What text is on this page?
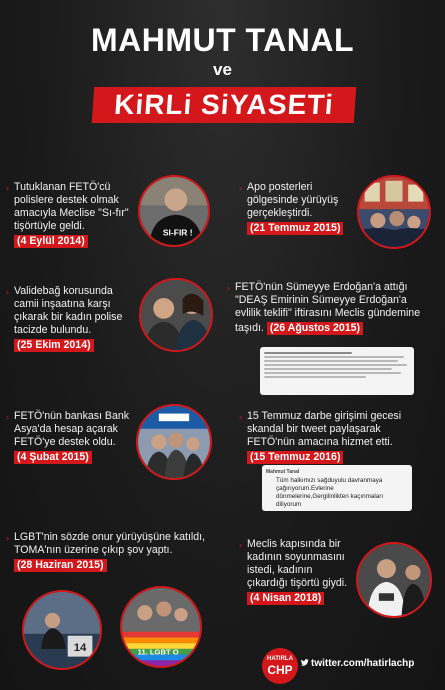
MAHMUT TANAL
ve
KiRLi SiYASETi
› Tutuklanan FETÖ'cü polislere destek olmak amacıyla Meclise "Sı-fır" tişörtüyle geldi.
(4 Eylül 2014)
SI-FIR !
› Apo posterleri gölgesinde yürüyüş gerçekleştirdi.
(21 Temmuz 2015)
› Validebağ korusunda camii inşaatına karşı çıkarak bir kadın polise tacizde bulundu.
(25 Ekim 2014)
› FETÖ'nün Sümeyye Erdoğan'a attığı "DEAŞ Emirinin Sümeyye Erdoğan'a evlilik teklifi" iftirasını Meclis gündemine taşıdı. (26 Ağustos 2015)
› FETÖ'nün bankası Bank Asya'da hesap açarak FETÖ'ye destek oldu.
(4 Şubat 2015)
› 15 Temmuz darbe girişimi gecesi skandal bir tweet paylaşarak FETÖ'nün amacına hizmet etti.
(15 Temmuz 2016)
Mahmut Tanal
Tüm halkımızı sağduyulu davranmaya çağırıyorum.Evlerine dönmelerine,Gergilinlikten kaçınmaları diliyorum
› LGBT'nin sözde onur yürüyüşüne katıldı, TOMA'nın üzerine çıkıp şov yaptı. (28 Haziran 2015)
14	11. LGBT O
› Meclis kapısında bir kadının soyunmasını istedi, kadının çıkardığı tişörtü giydi.
(4 Nisan 2018)
HATIRLA
CHP	twitter.com/hatirlachp
